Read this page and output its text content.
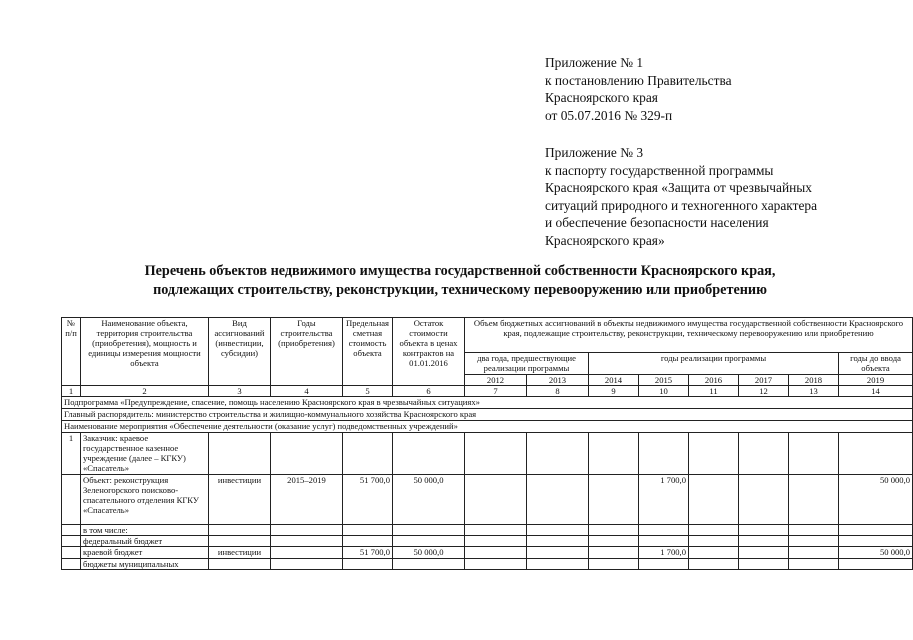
Приложение № 1
к постановлению Правительства
Красноярского края
от 05.07.2016 № 329-п
Приложение № 3
к паспорту государственной программы
Красноярского края «Защита от чрезвычайных
ситуаций природного и техногенного характера
и обеспечение безопасности населения
Красноярского края»
Перечень объектов недвижимого имущества государственной собственности Красноярского края,
подлежащих строительству, реконструкции, техническому перевооружению или приобретению
№ п/п	Наименование объекта, территория строительства (приобретения), мощность и единицы измерения мощности объекта	Вид ассигнований (инвестиции, субсидии)	Годы строительства (приобретения)	Предельная сметная стоимость объекта	Остаток стоимости объекта в ценах контрактов на 01.01.2016	Объем бюджетных ассигнований в объекты недвижимого имущества государственной собственности Красноярского края, подлежащие строительству, реконструкции, техническому перевооружению или приобретению							
						два года, предшествующие реализации программы		годы реализации программы					годы до ввода объекта
						2012	2013	2014	2015	2016	2017	2018	2019
1	2	3	4	5	6	7	8	9	10	11	12	13	14
Подпрограмма «Предупреждение, спасение, помощь населению Красноярского края в чрезвычайных ситуациях»													
Главный распорядитель: министерство строительства и жилищно-коммунального хозяйства Красноярского края													
Наименование мероприятия «Обеспечение деятельности (оказание услуг) подведомственных учреждений»													
1	Заказчик: краевое государственное казенное учреждение (далее – КГКУ) «Спасатель»												
	Объект: реконструкция Зеленогорского поисково-спасательного отделения КГКУ «Спасатель»	инвестиции	2015–2019	51 700,0	50 000,0				1 700,0				50 000,0
	в том числе:												
	федеральный бюджет												
	краевой бюджет	инвестиции		51 700,0	50 000,0				1 700,0				50 000,0
	бюджеты муниципальных												
